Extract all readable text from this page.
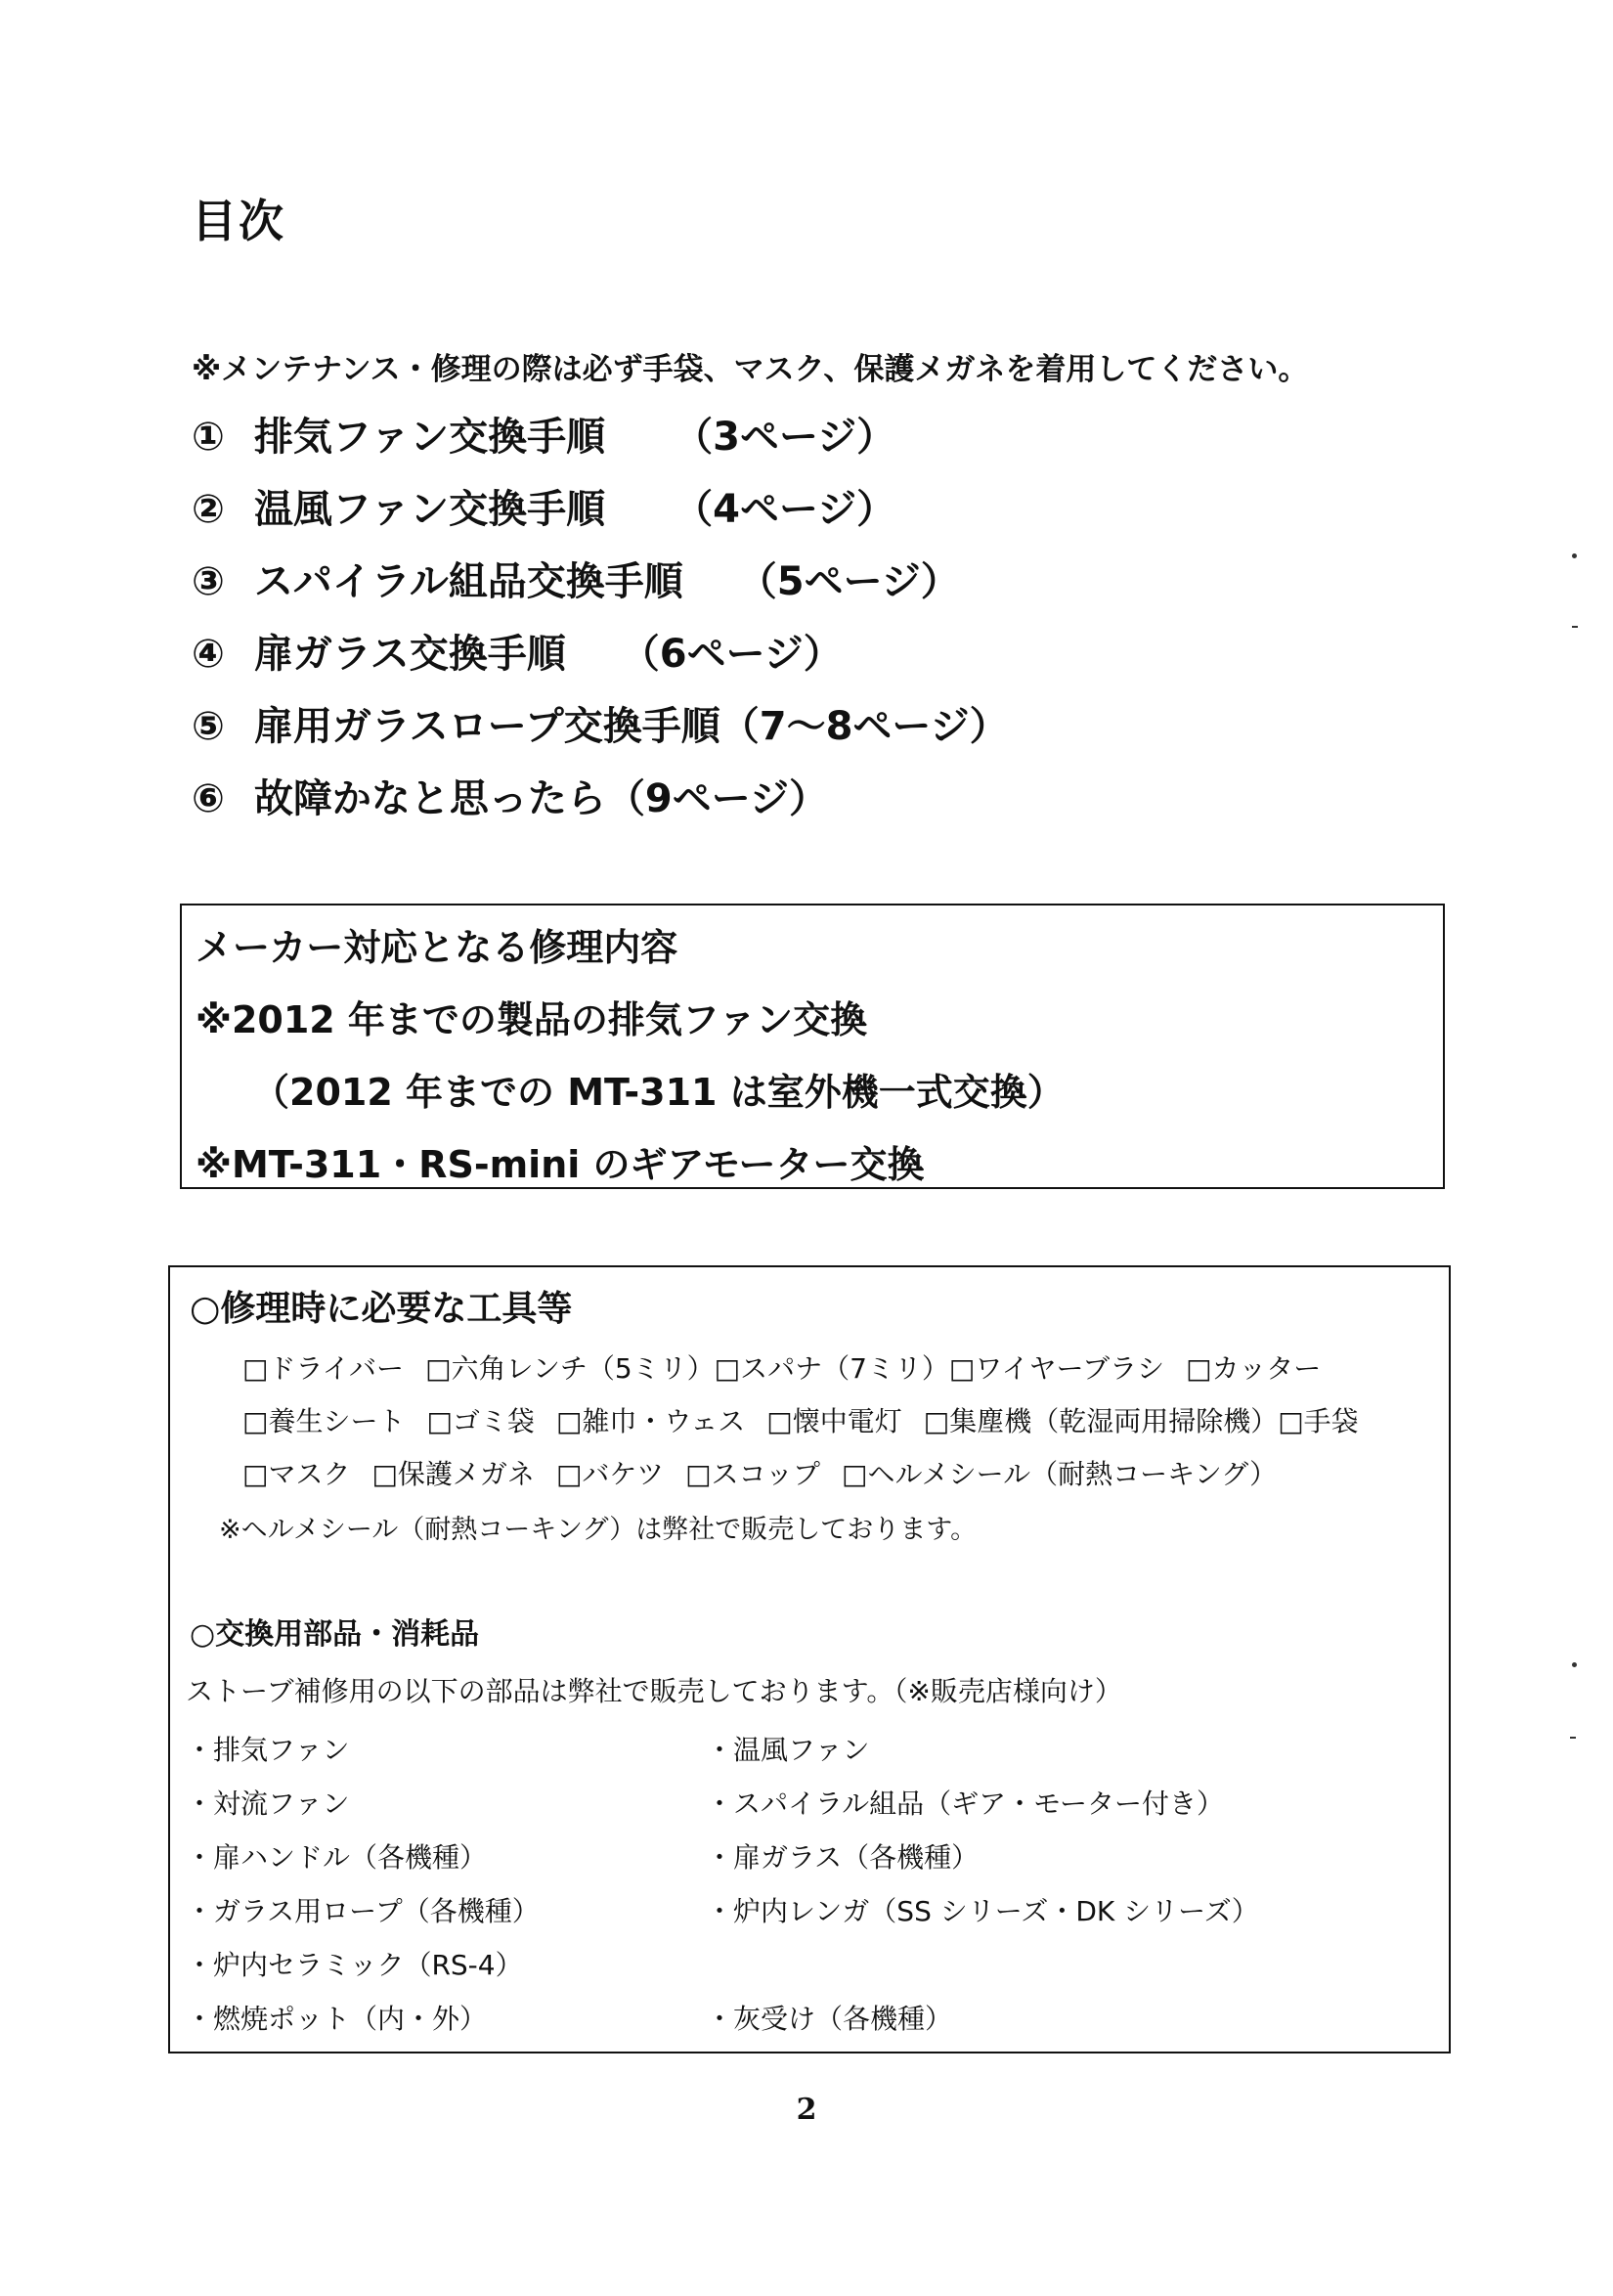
目次
※メンテナンス・修理の際は必ず手袋、マスク、保護メガネを着用してください。
① 排気ファン交換手順 （3ページ）
② 温風ファン交換手順 （4ページ）
③ スパイラル組品交換手順 （5ページ）
④ 扉ガラス交換手順 （6ページ）
⑤ 扉用ガラスロープ交換手順（7～8ページ）
⑥ 故障かなと思ったら（9ページ）
メーカー対応となる修理内容
※2012 年までの製品の排気ファン交換
（2012 年までの MT-311 は室外機一式交換）
※MT-311・RS-mini のギアモーター交換
○修理時に必要な工具等
□ドライバー □六角レンチ（5ミリ）□スパナ（7ミリ）□ワイヤーブラシ □カッター
□養生シート □ゴミ袋 □雑巾・ウェス □懐中電灯 □集塵機（乾湿両用掃除機）□手袋
□マスク □保護メガネ □バケツ □スコップ □ヘルメシール（耐熱コーキング）
※ヘルメシール（耐熱コーキング）は弊社で販売しております。
○交換用部品・消耗品
ストーブ補修用の以下の部品は弊社で販売しております。（※販売店様向け）
・排気ファン
・対流ファン
・扉ハンドル（各機種）
・ガラス用ロープ（各機種）
・炉内セラミック（RS-4）
・燃焼ポット（内・外）
・温風ファン
・スパイラル組品（ギア・モーター付き）
・扉ガラス（各機種）
・炉内レンガ（SS シリーズ・DK シリーズ）
・灰受け（各機種）
2
